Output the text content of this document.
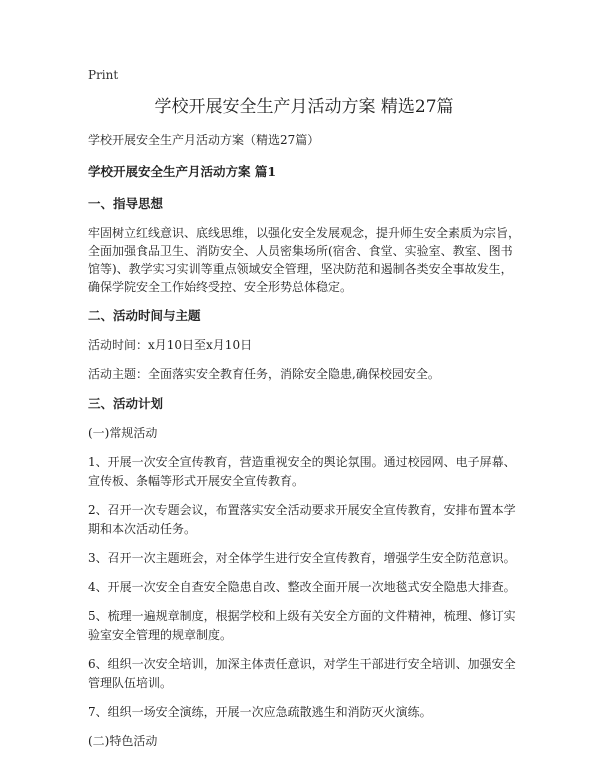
Print
学校开展安全生产月活动方案 精选27篇
学校开展安全生产月活动方案（精选27篇）
学校开展安全生产月活动方案 篇1
一、指导思想
牢固树立红线意识、底线思维，以强化安全发展观念，提升师生安全素质为宗旨，全面加强食品卫生、消防安全、人员密集场所(宿舍、食堂、实验室、教室、图书馆等)、教学实习实训等重点领域安全管理，坚决防范和遏制各类安全事故发生，确保学院安全工作始终受控、安全形势总体稳定。
二、活动时间与主题
活动时间：x月10日至x月10日
活动主题：全面落实安全教育任务，消除安全隐患,确保校园安全。
三、活动计划
(一)常规活动
1、开展一次安全宣传教育，营造重视安全的舆论氛围。通过校园网、电子屏幕、宣传板、条幅等形式开展安全宣传教育。
2、召开一次专题会议，布置落实安全活动要求开展安全宣传教育，安排布置本学期和本次活动任务。
3、召开一次主题班会，对全体学生进行安全宣传教育，增强学生安全防范意识。
4、开展一次安全自查安全隐患自改、整改全面开展一次地毯式安全隐患大排查。
5、梳理一遍规章制度，根据学校和上级有关安全方面的文件精神，梳理、修订实验室安全管理的规章制度。
6、组织一次安全培训，加深主体责任意识，对学生干部进行安全培训、加强安全管理队伍培训。
7、组织一场安全演练，开展一次应急疏散逃生和消防灭火演练。
(二)特色活动
